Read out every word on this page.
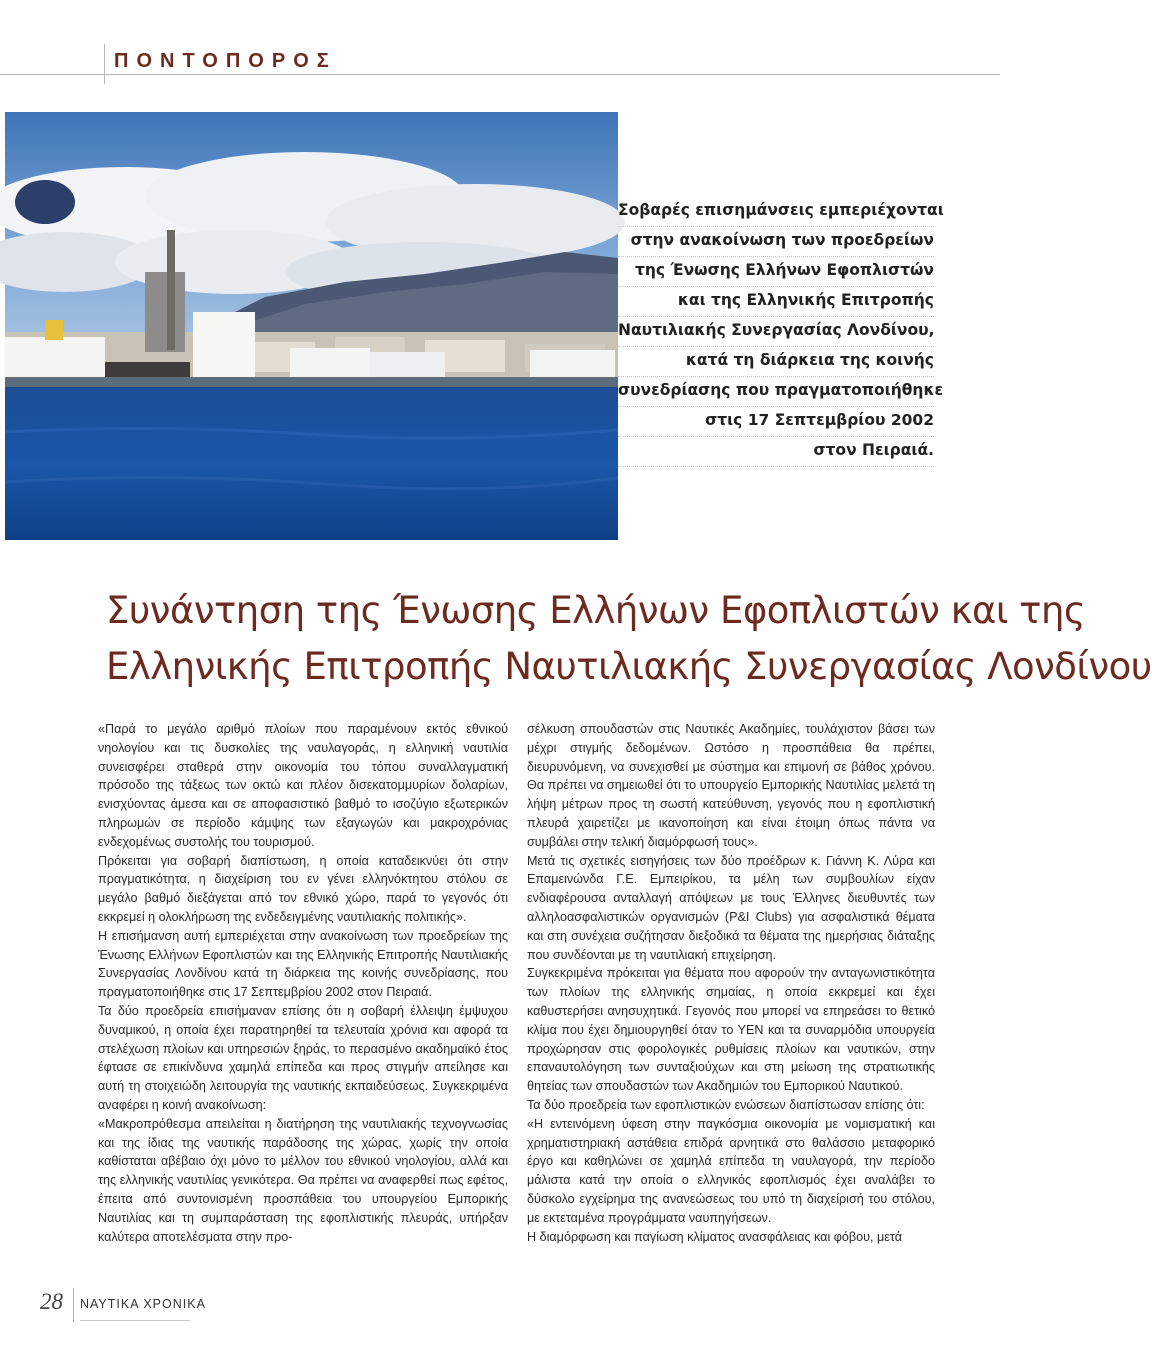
ΠΟΝΤΟΠΟΡΟΣ
Σοβαρές επισημάνσεις εμπεριέχονται
στην ανακοίνωση των προεδρείων
της Ένωσης Ελλήνων Εφοπλιστών
και της Ελληνικής Επιτροπής
Ναυτιλιακής Συνεργασίας Λονδίνου,
κατά τη διάρκεια της κοινής
συνεδρίασης που πραγματοποιήθηκε
στις 17 Σεπτεμβρίου 2002
στον Πειραιά.
Συνάντηση της Ένωσης Ελλήνων Εφοπλιστών και της
Ελληνικής Επιτροπής Ναυτιλιακής Συνεργασίας Λονδίνου

«Παρά το μεγάλο αριθμό πλοίων που παραμένουν εκτός εθνικού νηολογίου και τις δυσκολίες της ναυλαγοράς, η ελληνική ναυτιλία συνεισφέρει σταθερά στην οικονομία του τόπου συναλλαγματική πρόσοδο της τάξεως των οκτώ και πλέον δισεκατομμυρίων δολαρίων, ενισχύοντας άμεσα και σε αποφασιστικό βαθμό το ισοζύγιο εξωτερικών πληρωμών σε περίοδο κάμψης των εξαγωγών και μακροχρόνιας ενδεχομένως συστολής του τουρισμού.

Πρόκειται για σοβαρή διαπίστωση, η οποία καταδεικνύει ότι στην πραγματικότητα, η διαχείριση του εν γένει ελληνόκτητου στόλου σε μεγάλο βαθμό διεξάγεται από τον εθνικό χώρο, παρά το γεγονός ότι εκκρεμεί η ολοκλήρωση της ενδεδειγμένης ναυτιλιακής πολιτικής».

Η επισήμανση αυτή εμπεριέχεται στην ανακοίνωση των προεδρείων της Ένωσης Ελλήνων Εφοπλιστών και της Ελληνικής Επιτροπής Ναυτιλιακής Συνεργασίας Λονδίνου κατά τη διάρκεια της κοινής συνεδρίασης, που πραγματοποιήθηκε στις 17 Σεπτεμβρίου 2002 στον Πειραιά.

Τα δύο προεδρεία επισήμαναν επίσης ότι η σοβαρή έλλειψη έμψυχου δυναμικού, η οποία έχει παρατηρηθεί τα τελευταία χρόνια και αφορά τα στελέχωση πλοίων και υπηρεσιών ξηράς, το περασμένο ακαδημαϊκό έτος έφτασε σε επικίνδυνα χαμηλά επίπεδα και προς στιγμήν απείλησε και αυτή τη στοιχειώδη λειτουργία της ναυτικής εκπαιδεύσεως. Συγκεκριμένα αναφέρει η κοινή ανακοίνωση:

«Μακροπρόθεσμα απειλείται η διατήρηση της ναυτιλιακής τεχνογνωσίας και της ίδιας της ναυτικής παράδοσης της χώρας, χωρίς την οποία καθίσταται αβέβαιο όχι μόνο το μέλλον του εθνικού νηολογίου, αλλά και της ελληνικής ναυτιλίας γενικότερα. Θα πρέπει να αναφερθεί πως εφέτος, έπειτα από συντονισμένη προσπάθεια του υπουργείου Εμπορικής Ναυτιλίας και τη συμπαράσταση της εφοπλιστικής πλευράς, υπήρξαν καλύτερα αποτελέσματα στην προ-

σέλκυση σπουδαστών στις Ναυτικές Ακαδημίες, τουλάχιστον βάσει των μέχρι στιγμής δεδομένων. Ωστόσο η προσπάθεια θα πρέπει, διευρυνόμενη, να συνεχισθεί με σύστημα και επιμονή σε βάθος χρόνου. Θα πρέπει να σημειωθεί ότι το υπουργείο Εμπορικής Ναυτιλίας μελετά τη λήψη μέτρων προς τη σωστή κατεύθυνση, γεγονός που η εφοπλιστική πλευρά χαιρετίζει με ικανοποίηση και είναι έτοιμη όπως πάντα να συμβάλει στην τελική διαμόρφωσή τους».

Μετά τις σχετικές εισηγήσεις των δύο προέδρων κ. Γιάννη Κ. Λύρα και Επαμεινώνδα Γ.Ε. Εμπειρίκου, τα μέλη των συμβουλίων είχαν ενδιαφέρουσα ανταλλαγή απόψεων με τους Έλληνες διευθυντές των αλληλοασφαλιστικών οργανισμών (P&I Clubs) για ασφαλιστικά θέματα και στη συνέχεια συζήτησαν διεξοδικά τα θέματα της ημερήσιας διάταξης που συνδέονται με τη ναυτιλιακή επιχείρηση.

Συγκεκριμένα πρόκειται για θέματα που αφορούν την ανταγωνιστικότητα των πλοίων της ελληνικής σημαίας, η οποία εκκρεμεί και έχει καθυστερήσει ανησυχητικά. Γεγονός που μπορεί να επηρεάσει το θετικό κλίμα που έχει δημιουργηθεί όταν το ΥΕΝ και τα συναρμόδια υπουργεία προχώρησαν στις φορολογικές ρυθμίσεις πλοίων και ναυτικών, στην επαναυτολόγηση των συνταξιούχων και στη μείωση της στρατιωτικής θητείας των σπουδαστών των Ακαδημιών του Εμπορικού Ναυτικού.

Τα δύο προεδρεία των εφοπλιστικών ενώσεων διαπίστωσαν επίσης ότι:

«Η εντεινόμενη ύφεση στην παγκόσμια οικονομία με νομισματική και χρηματιστηριακή αστάθεια επιδρά αρνητικά στο θαλάσσιο μεταφορικό έργο και καθηλώνει σε χαμηλά επίπεδα τη ναυλαγορά, την περίοδο μάλιστα κατά την οποία ο ελληνικός εφοπλισμός έχει αναλάβει το δύσκολο εγχείρημα της ανανεώσεως του υπό τη διαχείρισή του στόλου, με εκτεταμένα προγράμματα ναυπηγήσεων.

Η διαμόρφωση και παγίωση κλίματος ανασφάλειας και φόβου, μετά

28 ΝΑΥΤΙΚΑ ΧΡΟΝΙΚΑ
